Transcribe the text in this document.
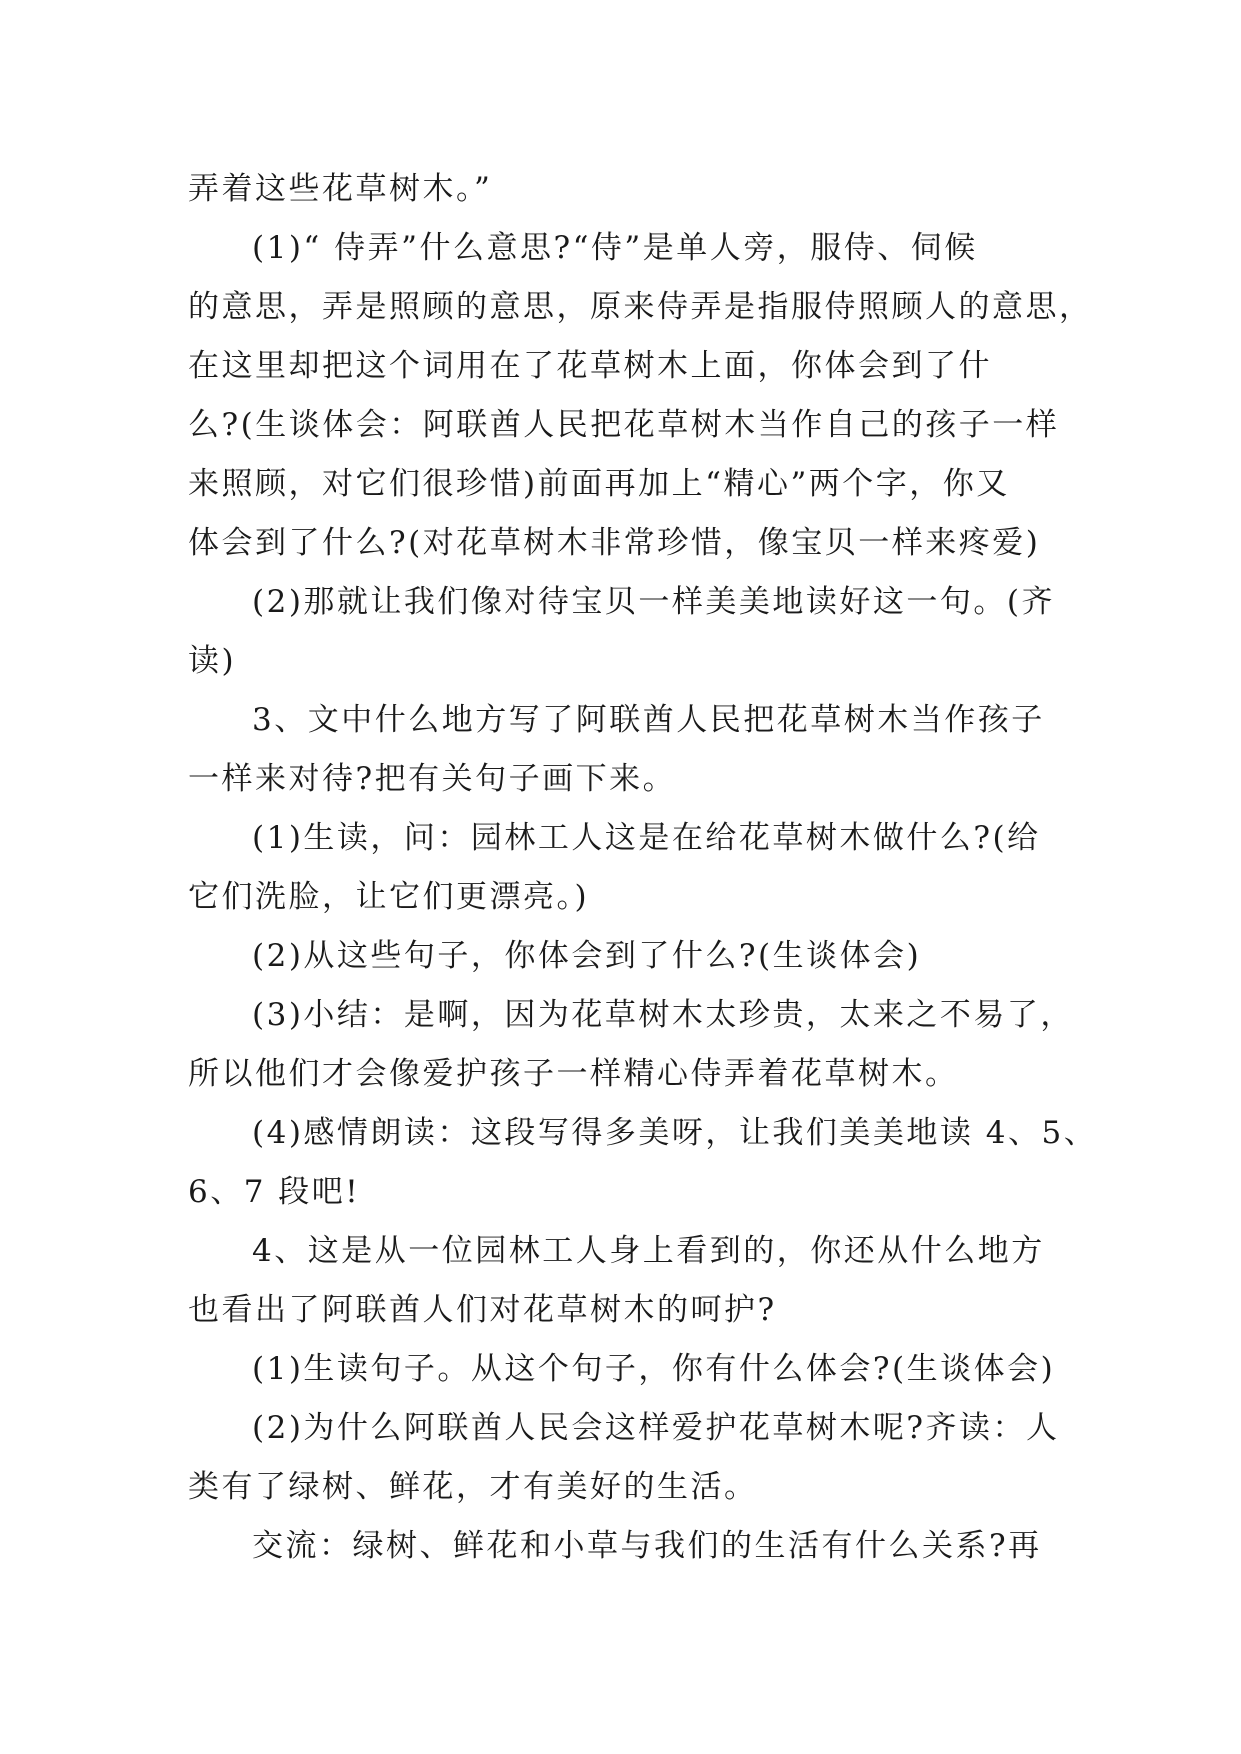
弄着这些花草树木。”
(1)“ 侍弄”什么意思?“侍”是单人旁，服侍、伺候
的意思，弄是照顾的意思，原来侍弄是指服侍照顾人的意思，
在这里却把这个词用在了花草树木上面，你体会到了什
么?(生谈体会：阿联酋人民把花草树木当作自己的孩子一样
来照顾，对它们很珍惜)前面再加上“精心”两个字，你又
体会到了什么?(对花草树木非常珍惜，像宝贝一样来疼爱)
(2)那就让我们像对待宝贝一样美美地读好这一句。(齐
读)
3、文中什么地方写了阿联酋人民把花草树木当作孩子
一样来对待?把有关句子画下来。
(1)生读，问：园林工人这是在给花草树木做什么?(给
它们洗脸，让它们更漂亮。)
(2)从这些句子，你体会到了什么?(生谈体会)
(3)小结：是啊，因为花草树木太珍贵，太来之不易了，
所以他们才会像爱护孩子一样精心侍弄着花草树木。
(4)感情朗读：这段写得多美呀，让我们美美地读 4、5、
6、7 段吧!
4、这是从一位园林工人身上看到的，你还从什么地方
也看出了阿联酋人们对花草树木的呵护?
(1)生读句子。从这个句子，你有什么体会?(生谈体会)
(2)为什么阿联酋人民会这样爱护花草树木呢?齐读：人
类有了绿树、鲜花，才有美好的生活。
交流：绿树、鲜花和小草与我们的生活有什么关系?再
